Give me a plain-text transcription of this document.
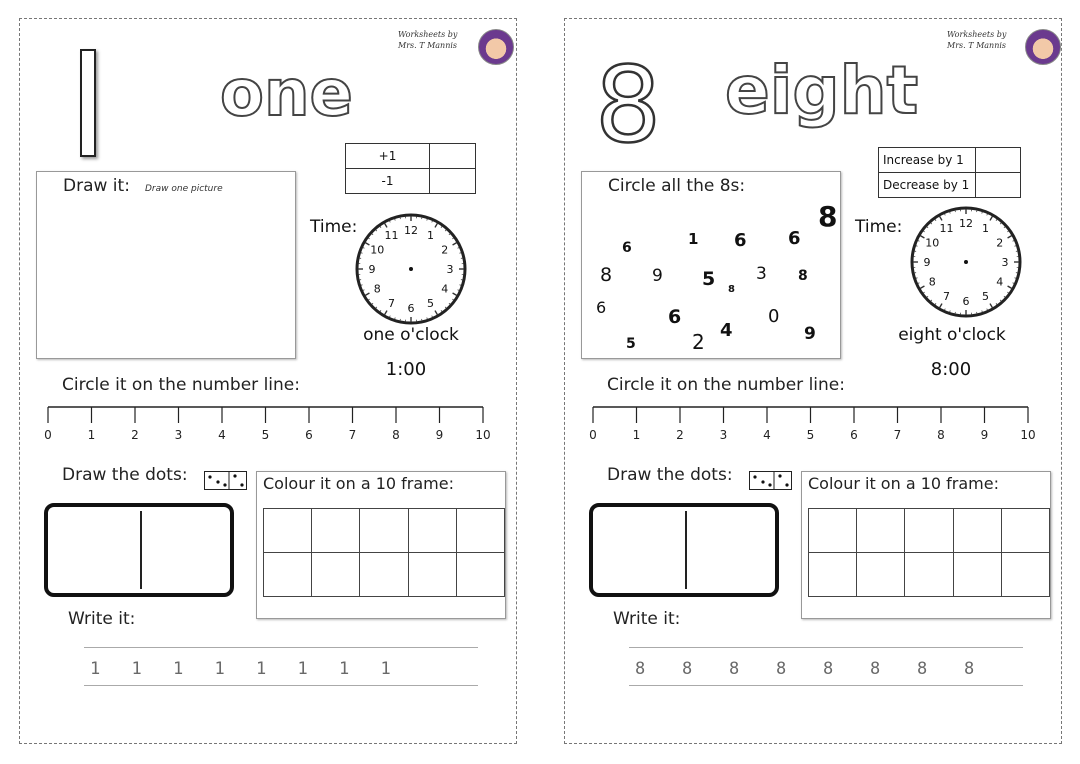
Worksheets by
Mrs. T Mannis
one
+1	
-1	
Draw it: Draw one picture
Time:	12 1
2
3
4
5
6
7
8
9
10
11
one o'clock
1:00
Circle it on the number line:
0	1	2	3	4	5	6	7	8	9	10
Draw the dots:	Colour it on a 10 frame:

Write it:
1 1 1 1 1 1 1 1
Worksheets by
Mrs. T Mannis
8 eight
Increase by 1	
Decrease by 1	
Circle all the 8s:
6	1 6 6
8
8 9 5 3 8
8
6
6
2 4
0
9
5
Time:	12 1
2
3
4
5
6
7
8
9
10
11
eight o'clock
8:00
Circle it on the number line:
0	1	2	3	4	5	6	7	8	9	10
Draw the dots:	Colour it on a 10 frame:

Write it:
8 8 8 8 8 8 8 8
